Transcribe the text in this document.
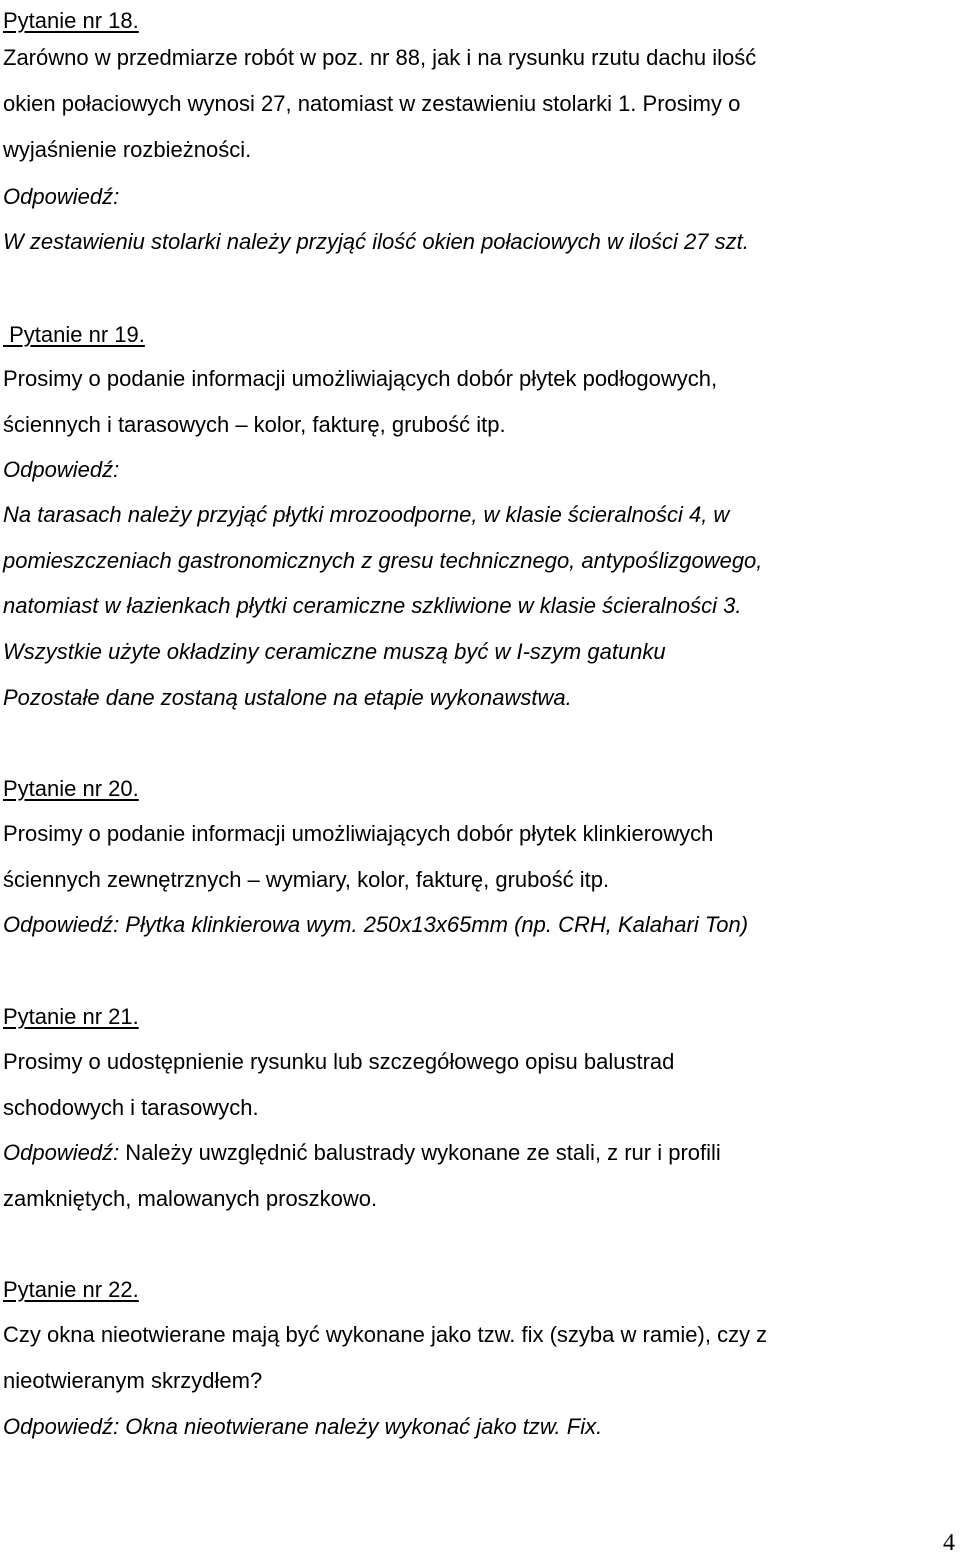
Pytanie nr 18.
Zarówno w przedmiarze robót w poz. nr 88, jak i na rysunku rzutu dachu ilość
okien połaciowych wynosi 27, natomiast w zestawieniu stolarki 1. Prosimy o
wyjaśnienie rozbieżności.
Odpowiedź:
W zestawieniu stolarki należy przyjąć ilość okien połaciowych w ilości 27 szt.
Pytanie nr 19.
Prosimy o podanie informacji umożliwiających dobór płytek podłogowych,
ściennych i tarasowych – kolor, fakturę, grubość itp.
Odpowiedź:
Na tarasach należy przyjąć płytki mrozoodporne, w klasie ścieralności 4, w
pomieszczeniach gastronomicznych z gresu technicznego, antypoślizgowego,
natomiast w łazienkach płytki ceramiczne szkliwione w klasie ścieralności 3.
Wszystkie użyte okładziny ceramiczne muszą być w I-szym gatunku
Pozostałe dane zostaną ustalone na etapie wykonawstwa.
Pytanie nr 20.
Prosimy o podanie informacji umożliwiających dobór płytek klinkierowych
ściennych zewnętrznych – wymiary, kolor, fakturę, grubość itp.
Odpowiedź: Płytka klinkierowa wym. 250x13x65mm (np. CRH, Kalahari Ton)
Pytanie nr 21.
Prosimy o udostępnienie rysunku lub szczegółowego opisu balustrad
schodowych i tarasowych.
Odpowiedź: Należy uwzględnić balustrady wykonane ze stali, z rur i profili
zamkniętych, malowanych proszkowo.
Pytanie nr 22.
Czy okna nieotwierane mają być wykonane jako tzw. fix (szyba w ramie), czy z
nieotwieranym skrzydłem?
Odpowiedź: Okna nieotwierane należy wykonać jako tzw. Fix.
4
